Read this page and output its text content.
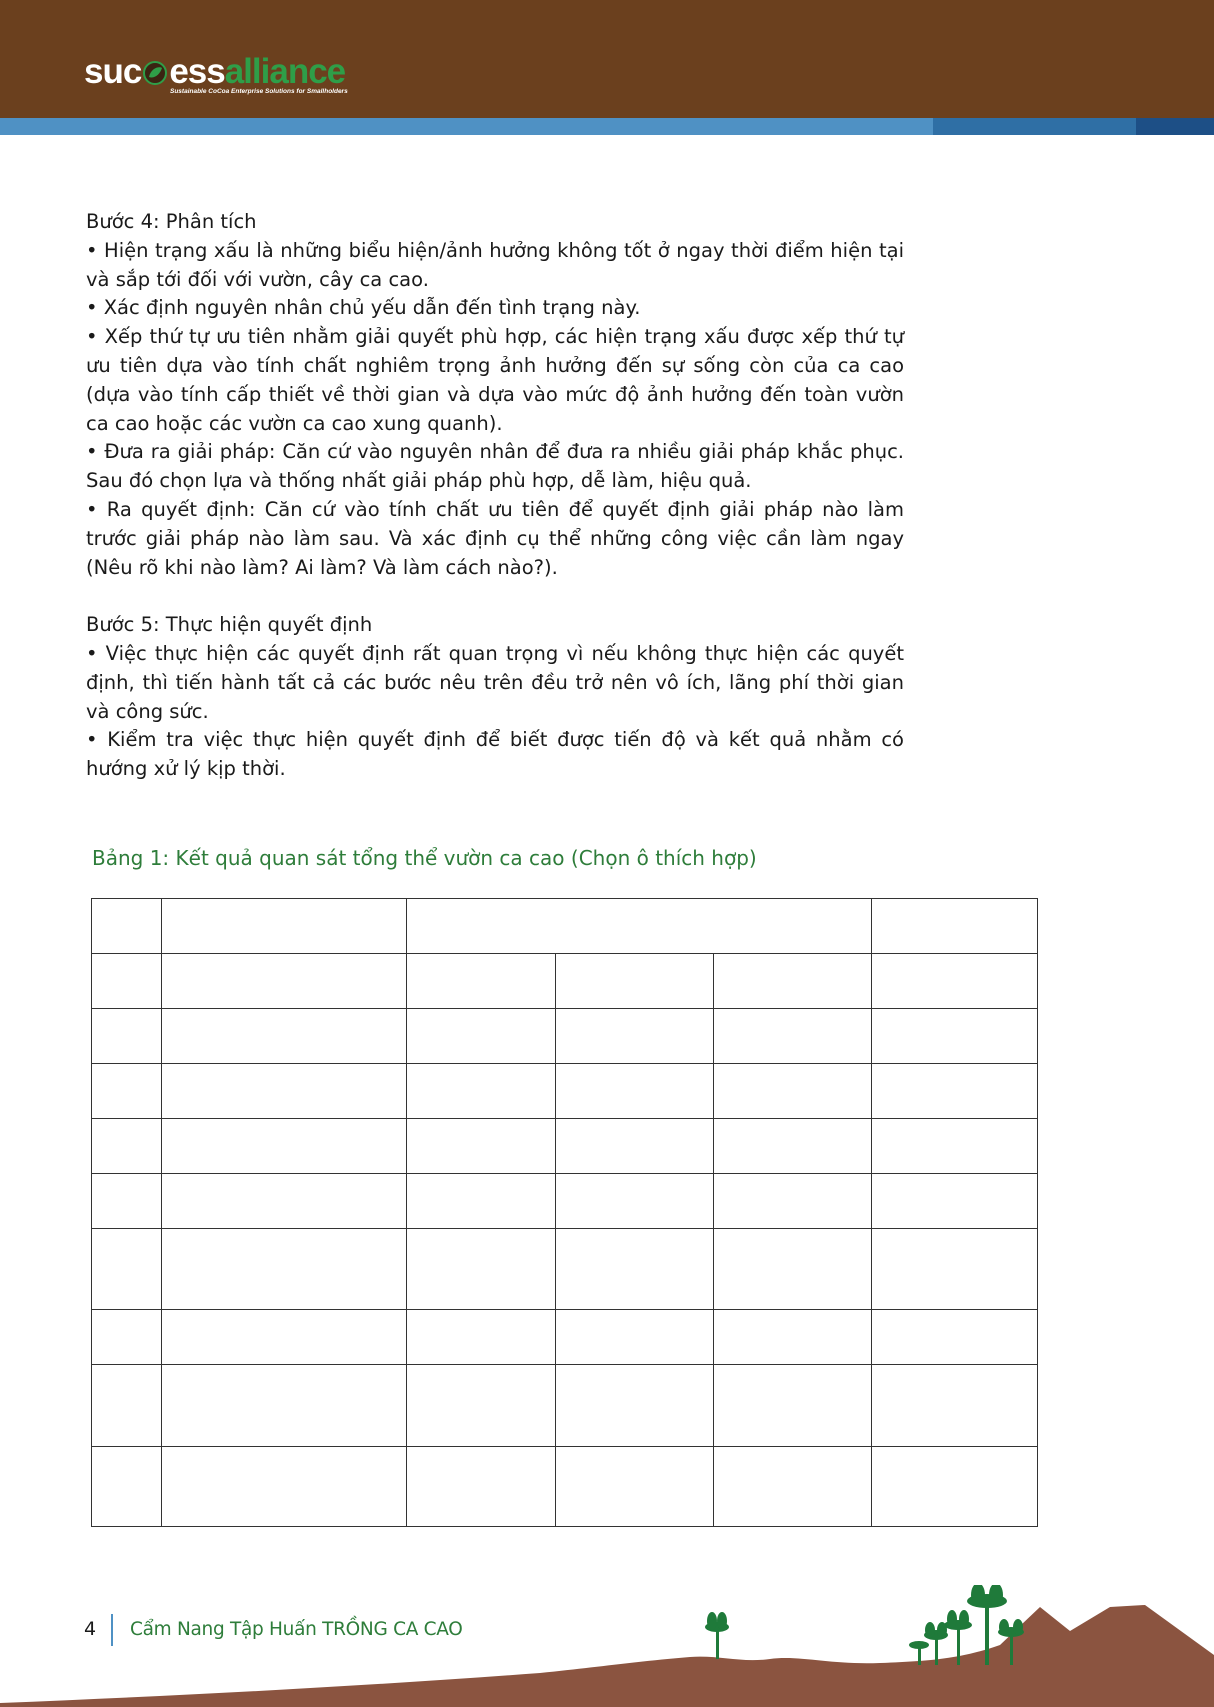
suc essalliance
Sustainable CoCoa Enterprise Solutions for Smallholders

Bước 4: Phân tích

• Hiện trạng xấu là những biểu hiện/ảnh hưởng không tốt ở ngay thời điểm hiện tại và sắp tới đối với vườn, cây ca cao.

• Xác định nguyên nhân chủ yếu dẫn đến tình trạng này.

• Xếp thứ tự ưu tiên nhằm giải quyết phù hợp, các hiện trạng xấu được xếp thứ tự ưu tiên dựa vào tính chất nghiêm trọng ảnh hưởng đến sự sống còn của ca cao (dựa vào tính cấp thiết về thời gian và dựa vào mức độ ảnh hưởng đến toàn vườn ca cao hoặc các vườn ca cao xung quanh).

• Đưa ra giải pháp: Căn cứ vào nguyên nhân để đưa ra nhiều giải pháp khắc phục. Sau đó chọn lựa và thống nhất giải pháp phù hợp, dễ làm, hiệu quả.

• Ra quyết định: Căn cứ vào tính chất ưu tiên để quyết định giải pháp nào làm trước giải pháp nào làm sau. Và xác định cụ thể những công việc cần làm ngay (Nêu rõ khi nào làm? Ai làm? Và làm cách nào?).

Bước 5: Thực hiện quyết định

• Việc thực hiện các quyết định rất quan trọng vì nếu không thực hiện các quyết định, thì tiến hành tất cả các bước nêu trên đều trở nên vô ích, lãng phí thời gian và công sức.

• Kiểm tra việc thực hiện quyết định để biết được tiến độ và kết quả nhằm có hướng xử lý kịp thời.

Bảng 1: Kết quả quan sát tổng thể vườn ca cao (Chọn ô thích hợp)

4 Cẩm Nang Tập Huấn TRỒNG CA CAO
